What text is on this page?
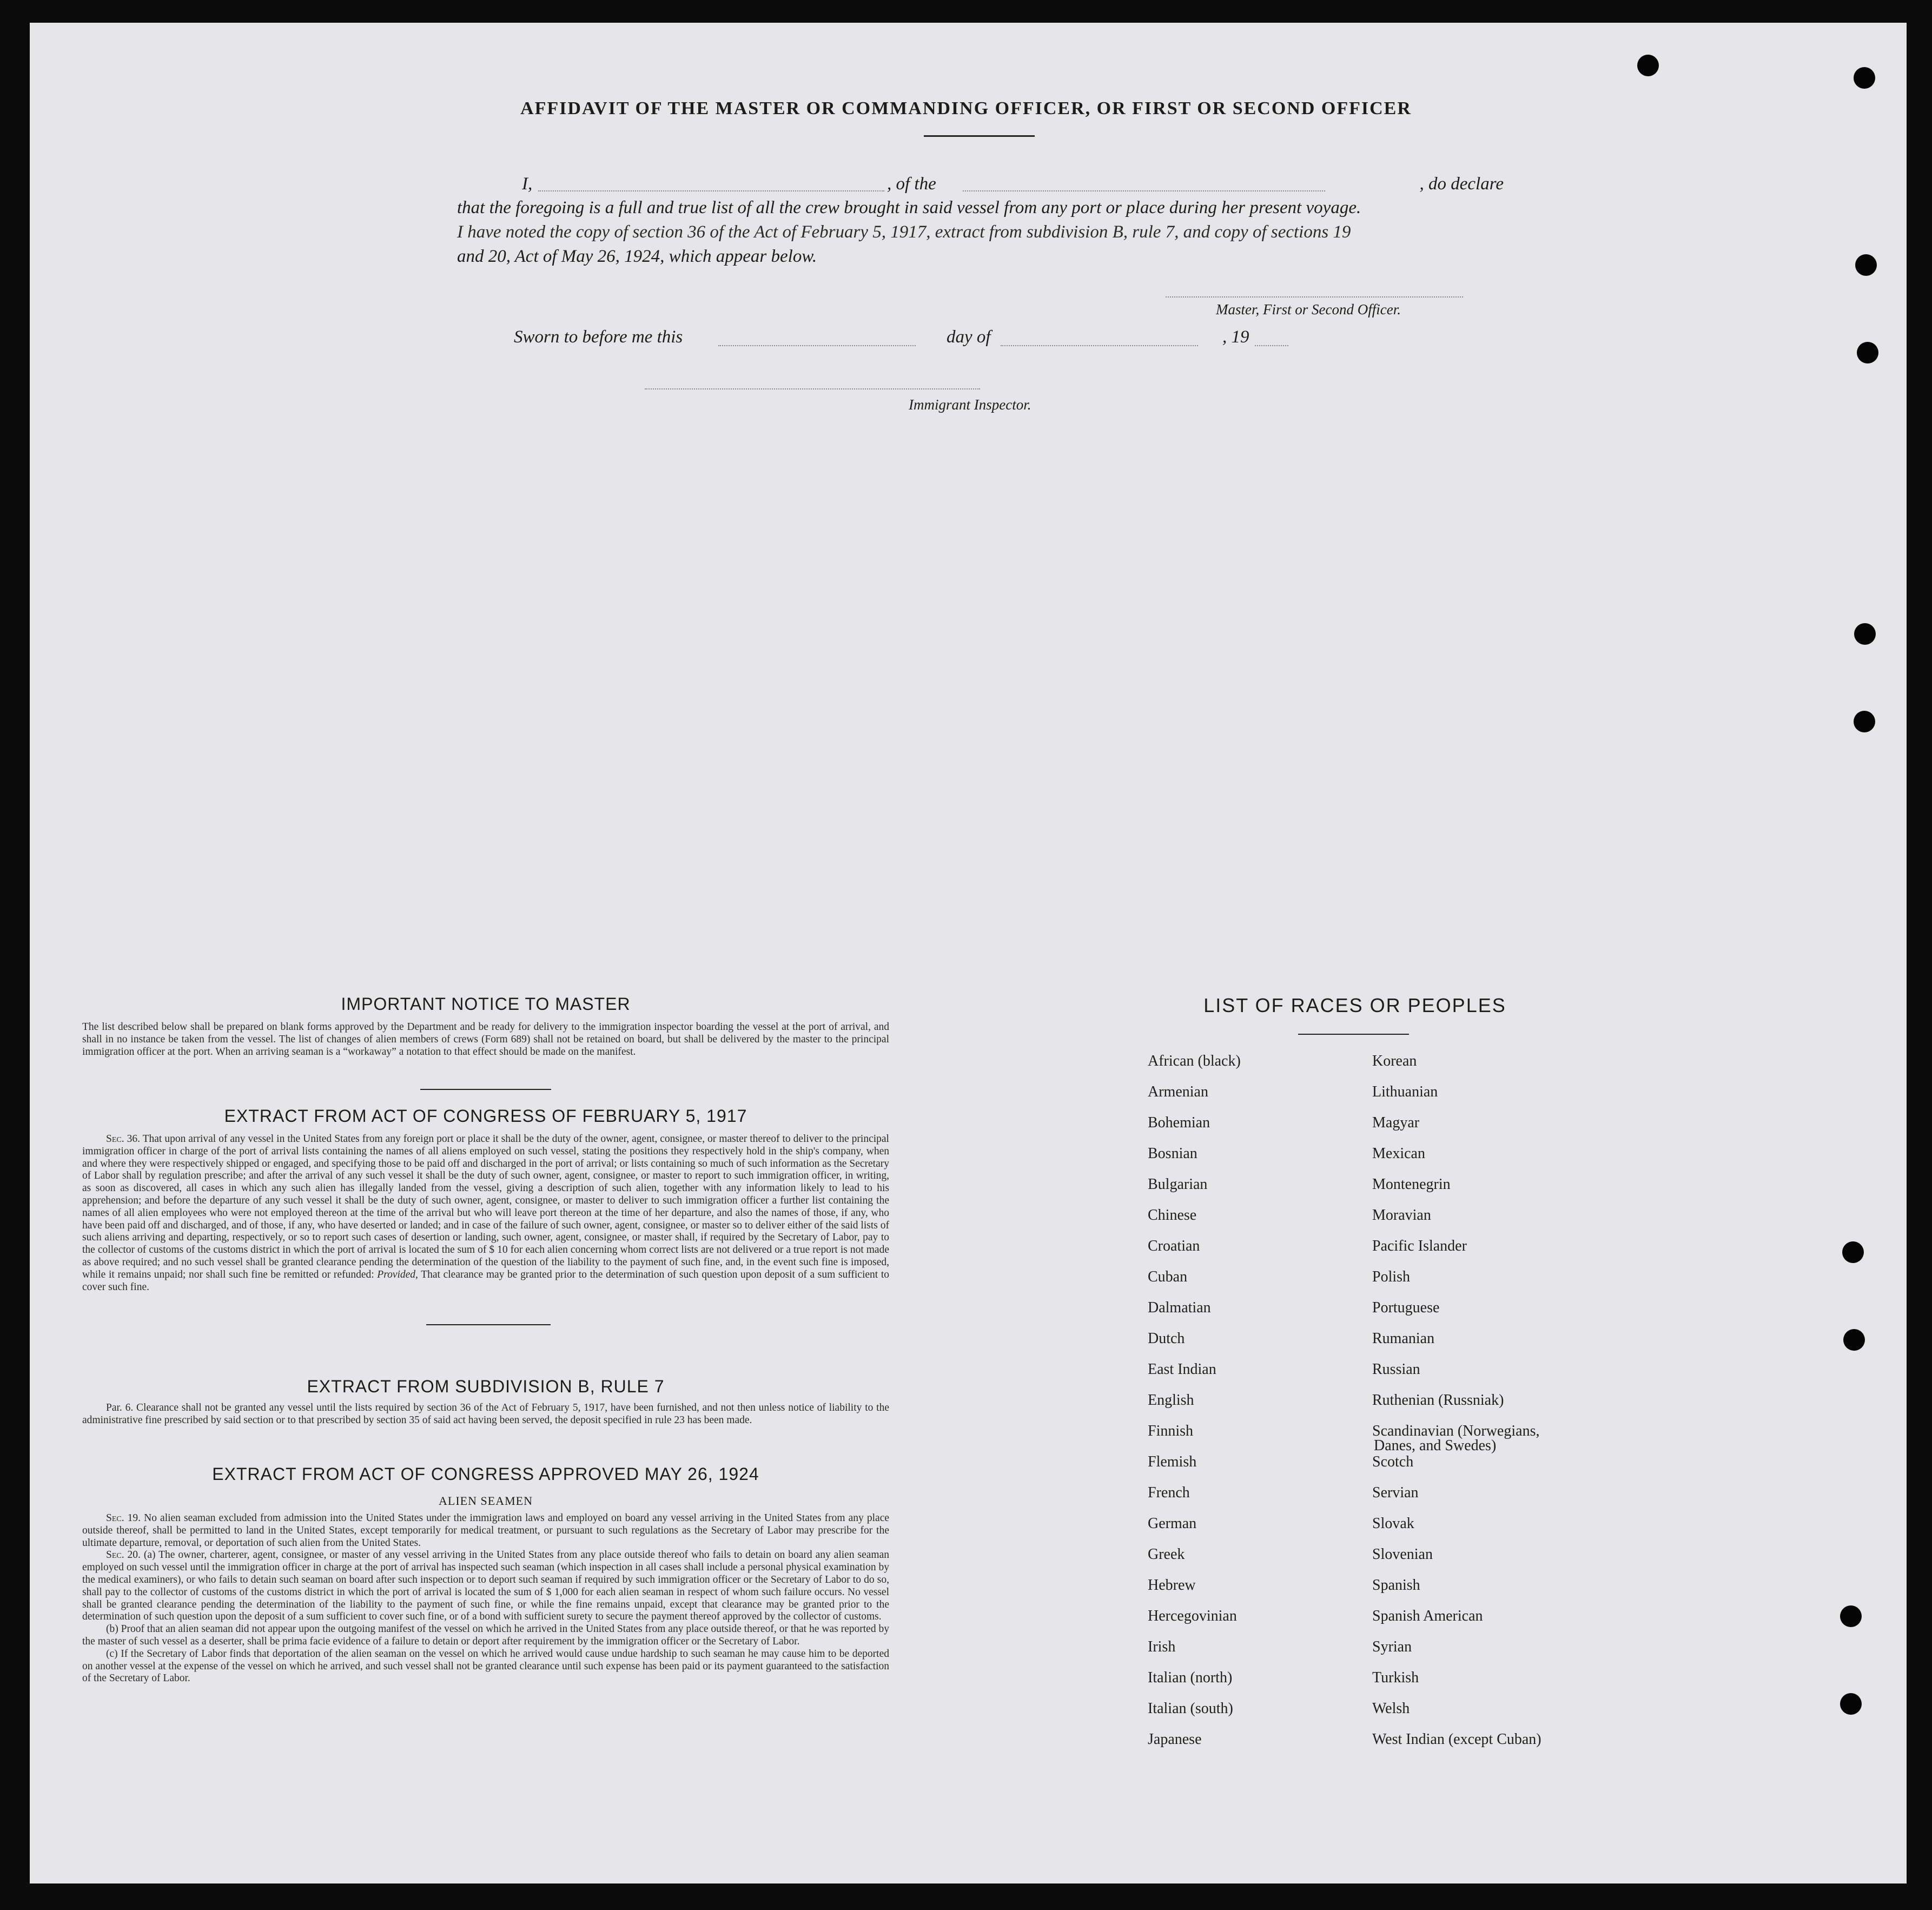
AFFIDAVIT OF THE MASTER OR COMMANDING OFFICER, OR FIRST OR SECOND OFFICER
I,	, of the	, do declare
that the foregoing is a full and true list of all the crew brought in said vessel from any port or place during her present voyage.
I have noted the copy of section 36 of the Act of February 5, 1917, extract from subdivision B, rule 7, and copy of sections 19
and 20, Act of May 26, 1924, which appear below.
Master, First or Second Officer.
Sworn to before me this	day of	, 19
Immigrant Inspector.
IMPORTANT NOTICE TO MASTER
The list described below shall be prepared on blank forms approved by the Department and be ready for delivery to the immigration inspector boarding the vessel at the port of arrival, and shall in no instance be taken from the vessel. The list of changes of alien members of crews (Form 689) shall not be retained on board, but shall be delivered by the master to the principal immigration officer at the port. When an arriving seaman is a “workaway” a notation to that effect should be made on the manifest.
EXTRACT FROM ACT OF CONGRESS OF FEBRUARY 5, 1917
Sec. 36. That upon arrival of any vessel in the United States from any foreign port or place it shall be the duty of the owner, agent, consignee, or master thereof to deliver to the principal immigration officer in charge of the port of arrival lists containing the names of all aliens employed on such vessel, stating the positions they respectively hold in the ship's company, when and where they were respectively shipped or engaged, and specifying those to be paid off and discharged in the port of arrival; or lists containing so much of such information as the Secretary of Labor shall by regulation prescribe; and after the arrival of any such vessel it shall be the duty of such owner, agent, consignee, or master to report to such immigration officer, in writing, as soon as discovered, all cases in which any such alien has illegally landed from the vessel, giving a description of such alien, together with any information likely to lead to his apprehension; and before the departure of any such vessel it shall be the duty of such owner, agent, consignee, or master to deliver to such immigration officer a further list containing the names of all alien employees who were not employed thereon at the time of the arrival but who will leave port thereon at the time of her departure, and also the names of those, if any, who have been paid off and discharged, and of those, if any, who have deserted or landed; and in case of the failure of such owner, agent, consignee, or master so to deliver either of the said lists of such aliens arriving and departing, respectively, or so to report such cases of desertion or landing, such owner, agent, consignee, or master shall, if required by the Secretary of Labor, pay to the collector of customs of the customs district in which the port of arrival is located the sum of $ 10 for each alien concerning whom correct lists are not delivered or a true report is not made as above required; and no such vessel shall be granted clearance pending the determination of the question of the liability to the payment of such fine, and, in the event such fine is imposed, while it remains unpaid; nor shall such fine be remitted or refunded: Provided, That clearance may be granted prior to the determination of such question upon deposit of a sum sufficient to cover such fine.
EXTRACT FROM SUBDIVISION B, RULE 7
Par. 6. Clearance shall not be granted any vessel until the lists required by section 36 of the Act of February 5, 1917, have been furnished, and not then unless notice of liability to the administrative fine prescribed by said section or to that prescribed by section 35 of said act having been served, the deposit specified in rule 23 has been made.
EXTRACT FROM ACT OF CONGRESS APPROVED MAY 26, 1924
ALIEN SEAMEN
Sec. 19. No alien seaman excluded from admission into the United States under the immigration laws and employed on board any vessel arriving in the United States from any place outside thereof, shall be permitted to land in the United States, except temporarily for medical treatment, or pursuant to such regulations as the Secretary of Labor may prescribe for the ultimate departure, removal, or deportation of such alien from the United States.
Sec. 20. (a) The owner, charterer, agent, consignee, or master of any vessel arriving in the United States from any place outside thereof who fails to detain on board any alien seaman employed on such vessel until the immigration officer in charge at the port of arrival has inspected such seaman (which inspection in all cases shall include a personal physical examination by the medical examiners), or who fails to detain such seaman on board after such inspection or to deport such seaman if required by such immigration officer or the Secretary of Labor to do so, shall pay to the collector of customs of the customs district in which the port of arrival is located the sum of $ 1,000 for each alien seaman in respect of whom such failure occurs. No vessel shall be granted clearance pending the determination of the liability to the payment of such fine, or while the fine remains unpaid, except that clearance may be granted prior to the determination of such question upon the deposit of a sum sufficient to cover such fine, or of a bond with sufficient surety to secure the payment thereof approved by the collector of customs.
(b) Proof that an alien seaman did not appear upon the outgoing manifest of the vessel on which he arrived in the United States from any place outside thereof, or that he was reported by the master of such vessel as a deserter, shall be prima facie evidence of a failure to detain or deport after requirement by the immigration officer or the Secretary of Labor.
(c) If the Secretary of Labor finds that deportation of the alien seaman on the vessel on which he arrived would cause undue hardship to such seaman he may cause him to be deported on another vessel at the expense of the vessel on which he arrived, and such vessel shall not be granted clearance until such expense has been paid or its payment guaranteed to the satisfaction of the Secretary of Labor.
LIST OF RACES OR PEOPLES
African (black)
Armenian
Bohemian
Bosnian
Bulgarian
Chinese
Croatian
Cuban
Dalmatian
Dutch
East Indian
English
Finnish
Flemish
French
German
Greek
Hebrew
Hercegovinian
Irish
Italian (north)
Italian (south)
Japanese
Korean
Lithuanian
Magyar
Mexican
Montenegrin
Moravian
Pacific Islander
Polish
Portuguese
Rumanian
Russian
Ruthenian (Russniak)
Scandinavian (Norwegians,
Scotch
Servian
Slovak
Slovenian
Spanish
Spanish American
Syrian
Turkish
Welsh
West Indian (except Cuban)
Danes, and Swedes)
